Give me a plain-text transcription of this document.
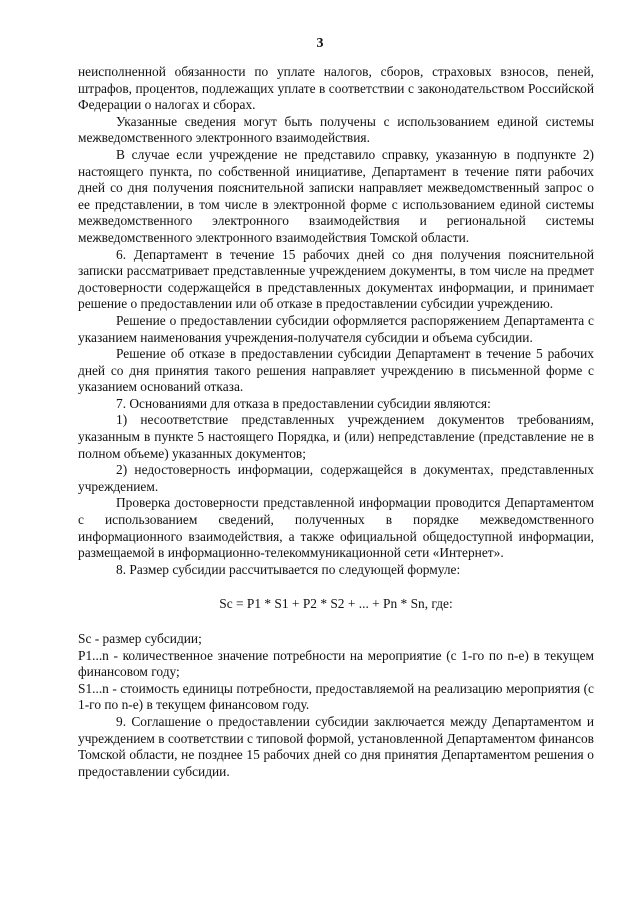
3

неисполненной обязанности по уплате налогов, сборов, страховых взносов, пеней, штрафов, процентов, подлежащих уплате в соответствии с законодательством Российской Федерации о налогах и сборах.

Указанные сведения могут быть получены с использованием единой системы межведомственного электронного взаимодействия.

В случае если учреждение не представило справку, указанную в подпункте 2) настоящего пункта, по собственной инициативе, Департамент в течение пяти рабочих дней со дня получения пояснительной записки направляет межведомственный запрос о ее представлении, в том числе в электронной форме с использованием единой системы межведомственного электронного взаимодействия и региональной системы межведомственного электронного взаимодействия Томской области.

6. Департамент в течение 15 рабочих дней со дня получения пояснительной записки рассматривает представленные учреждением документы, в том числе на предмет достоверности содержащейся в представленных документах информации, и принимает решение о предоставлении или об отказе в предоставлении субсидии учреждению.

Решение о предоставлении субсидии оформляется распоряжением Департамента с указанием наименования учреждения-получателя субсидии и объема субсидии.

Решение об отказе в предоставлении субсидии Департамент в течение 5 рабочих дней со дня принятия такого решения направляет учреждению в письменной форме с указанием оснований отказа.

7. Основаниями для отказа в предоставлении субсидии являются:

1) несоответствие представленных учреждением документов требованиям, указанным в пункте 5 настоящего Порядка, и (или) непредставление (представление не в полном объеме) указанных документов;

2) недостоверность информации, содержащейся в документах, представленных учреждением.

Проверка достоверности представленной информации проводится Департаментом с использованием сведений, полученных в порядке межведомственного информационного взаимодействия, а также официальной общедоступной информации, размещаемой в информационно-телекоммуникационной сети «Интернет».

8. Размер субсидии рассчитывается по следующей формуле:

Sc = P1 * S1 + P2 * S2 + ... + Pn * Sn, где:

Sc - размер субсидии;

P1...n - количественное значение потребности на мероприятие (с 1-го по n-е) в текущем финансовом году;

S1...n - стоимость единицы потребности, предоставляемой на реализацию мероприятия (с 1-го по n-е) в текущем финансовом году.

9. Соглашение о предоставлении субсидии заключается между Департаментом и учреждением в соответствии с типовой формой, установленной Департаментом финансов Томской области, не позднее 15 рабочих дней со дня принятия Департаментом решения о предоставлении субсидии.
